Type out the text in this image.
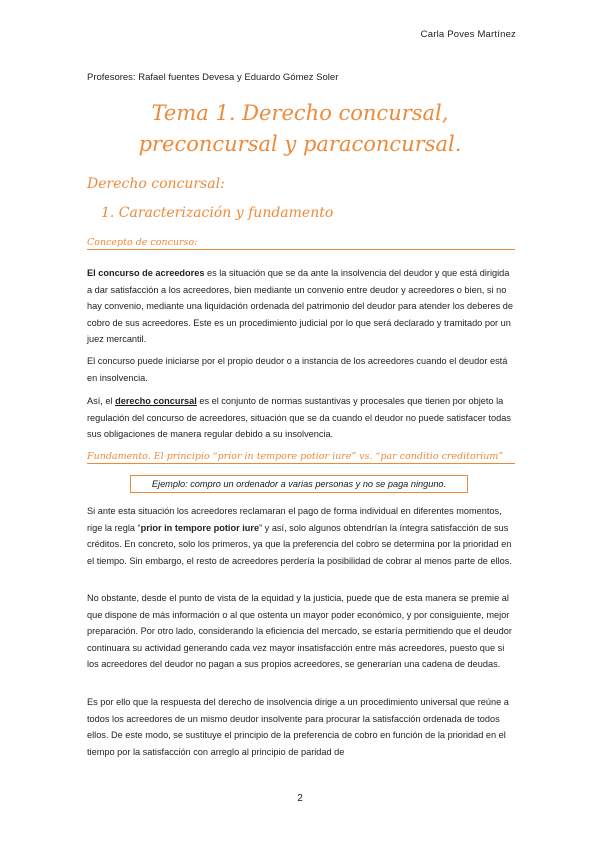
Carla Poves Martínez
Profesores: Rafael fuentes Devesa y Eduardo Gómez Soler
Tema 1. Derecho concursal, preconcursal y paraconcursal.
Derecho concursal:
1. Caracterización y fundamento
Concepto de concurso:
El concurso de acreedores es la situación que se da ante la insolvencia del deudor y que está dirigida a dar satisfacción a los acreedores, bien mediante un convenio entre deudor y acreedores o bien, si no hay convenio, mediante una liquidación ordenada del patrimonio del deudor para atender los deberes de cobro de sus acreedores. Este es un procedimiento judicial por lo que será declarado y tramitado por un juez mercantil.
El concurso puede iniciarse por el propio deudor o a instancia de los acreedores cuando el deudor está en insolvencia.
Así, el derecho concursal es el conjunto de normas sustantivas y procesales que tienen por objeto la regulación del concurso de acreedores, situación que se da cuando el deudor no puede satisfacer todas sus obligaciones de manera regular debido a su insolvencia.
Fundamento. El principio “prior in tempore potior iure” vs. “par conditio creditorium”
Ejemplo: compro un ordenador a varias personas y no se paga ninguno.
Si ante esta situación los acreedores reclamaran el pago de forma individual en diferentes momentos, rige la regla “prior in tempore potior iure” y así, solo algunos obtendrían la íntegra satisfacción de sus créditos. En concreto, solo los primeros, ya que la preferencia del cobro se determina por la prioridad en el tiempo. Sin embargo, el resto de acreedores perdería la posibilidad de cobrar al menos parte de ellos.
No obstante, desde el punto de vista de la equidad y la justicia, puede que de esta manera se premie al que dispone de más información o al que ostenta un mayor poder económico, y por consiguiente, mejor preparación. Por otro lado, considerando la eficiencia del mercado, se estaría permitiendo que el deudor continuara su actividad generando cada vez mayor insatisfacción entre más acreedores, puesto que si los acreedores del deudor no pagan a sus propios acreedores, se generarían una cadena de deudas.
Es por ello que la respuesta del derecho de insolvencia dirige a un procedimiento universal que reúne a todos los acreedores de un mismo deudor insolvente para procurar la satisfacción ordenada de todos ellos. De este modo, se sustituye el principio de la preferencia de cobro en función de la prioridad en el tiempo por la satisfacción con arreglo al principio de paridad de
2
